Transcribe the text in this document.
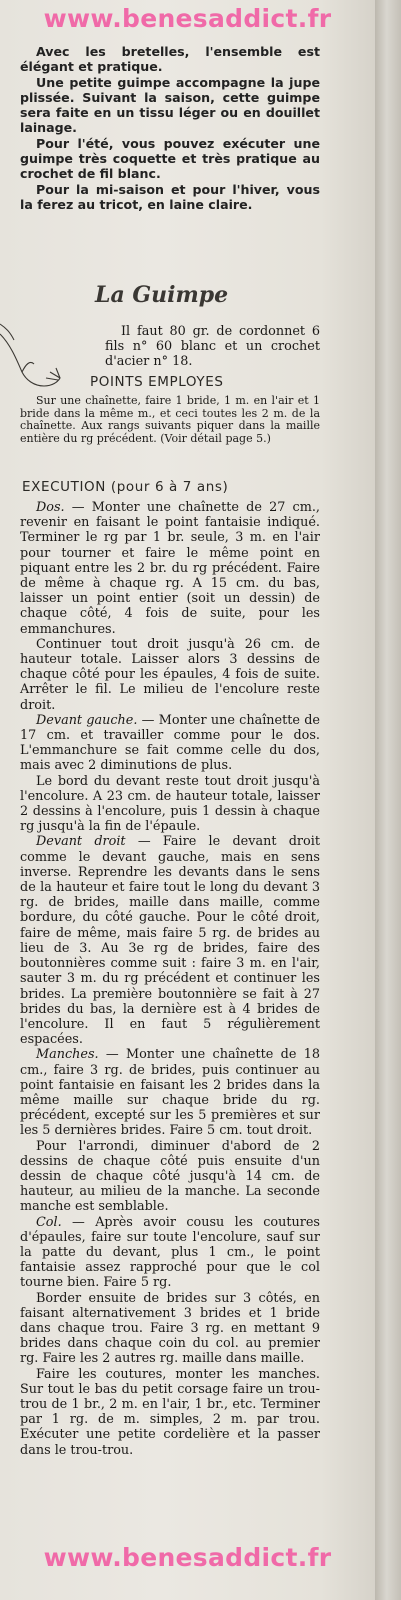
www.benesaddict.fr

Avec les bretelles, l'ensemble est élégant et pratique.

Une petite guimpe accompagne la jupe plissée. Suivant la saison, cette guimpe sera faite en un tissu léger ou en douillet lainage.

Pour l'été, vous pouvez exécuter une guimpe très coquette et très pratique au crochet de fil blanc.

Pour la mi-saison et pour l'hiver, vous la ferez au tricot, en laine claire.

La Guimpe

Il faut 80 gr. de cordonnet 6 fils n° 60 blanc et un crochet d'acier n° 18.

POINTS EMPLOYES

Sur une chaînette, faire 1 bride, 1 m. en l'air et 1 bride dans la même m., et ceci toutes les 2 m. de la chaînette. Aux rangs suivants piquer dans la maille entière du rg précédent. (Voir détail page 5.)

EXECUTION (pour 6 à 7 ans)

Dos. — Monter une chaînette de 27 cm., revenir en faisant le point fantaisie indiqué. Terminer le rg par 1 br. seule, 3 m. en l'air pour tourner et faire le même point en piquant entre les 2 br. du rg précédent. Faire de même à chaque rg. A 15 cm. du bas, laisser un point entier (soit un dessin) de chaque côté, 4 fois de suite, pour les emmanchures.

Continuer tout droit jusqu'à 26 cm. de hauteur totale. Laisser alors 3 dessins de chaque côté pour les épaules, 4 fois de suite. Arrêter le fil. Le milieu de l'encolure reste droit.

Devant gauche. — Monter une chaînette de 17 cm. et travailler comme pour le dos. L'emmanchure se fait comme celle du dos, mais avec 2 diminutions de plus.

Le bord du devant reste tout droit jusqu'à l'encolure. A 23 cm. de hauteur totale, laisser 2 dessins à l'encolure, puis 1 dessin à chaque rg jusqu'à la fin de l'épaule.

Devant droit — Faire le devant droit comme le devant gauche, mais en sens inverse. Reprendre les devants dans le sens de la hauteur et faire tout le long du devant 3 rg. de brides, maille dans maille, comme bordure, du côté gauche. Pour le côté droit, faire de même, mais faire 5 rg. de brides au lieu de 3. Au 3e rg de brides, faire des boutonnières comme suit : faire 3 m. en l'air, sauter 3 m. du rg précédent et continuer les brides. La première boutonnière se fait à 27 brides du bas, la dernière est à 4 brides de l'encolure. Il en faut 5 régulièrement espacées.

Manches. — Monter une chaînette de 18 cm., faire 3 rg. de brides, puis continuer au point fantaisie en faisant les 2 brides dans la même maille sur chaque bride du rg. précédent, excepté sur les 5 premières et sur les 5 dernières brides. Faire 5 cm. tout droit.

Pour l'arrondi, diminuer d'abord de 2 dessins de chaque côté puis ensuite d'un dessin de chaque côté jusqu'à 14 cm. de hauteur, au milieu de la manche. La seconde manche est semblable.

Col. — Après avoir cousu les coutures d'épaules, faire sur toute l'encolure, sauf sur la patte du devant, plus 1 cm., le point fantaisie assez rapproché pour que le col tourne bien. Faire 5 rg.

Border ensuite de brides sur 3 côtés, en faisant alternativement 3 brides et 1 bride dans chaque trou. Faire 3 rg. en mettant 9 brides dans chaque coin du col. au premier rg. Faire les 2 autres rg. maille dans maille.

Faire les coutures, monter les manches. Sur tout le bas du petit corsage faire un trou-trou de 1 br., 2 m. en l'air, 1 br., etc. Terminer par 1 rg. de m. simples, 2 m. par trou. Exécuter une petite cordelière et la passer dans le trou-trou.

www.benesaddict.fr
